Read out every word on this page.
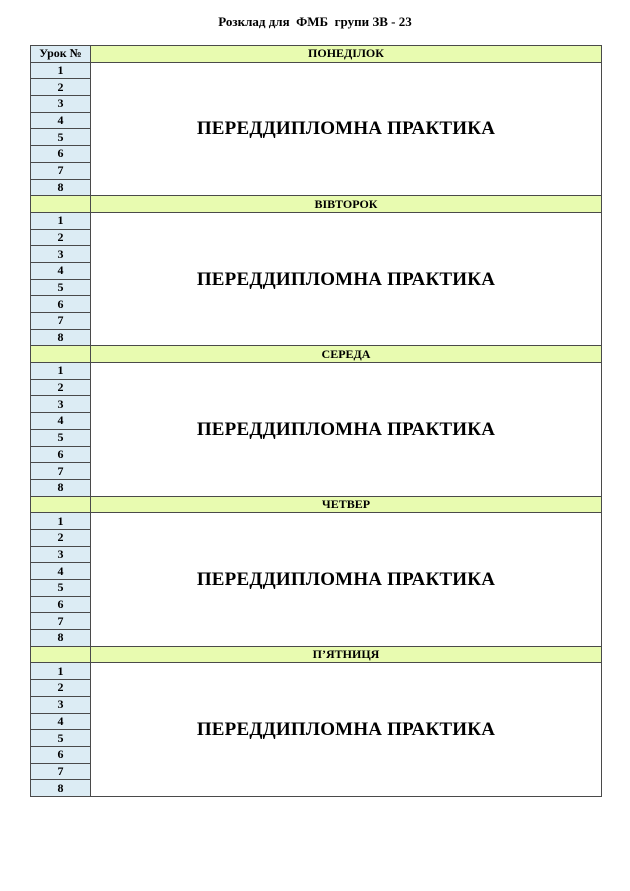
Розклад для  ФМБ  групи ЗВ - 23
Урок №	ПОНЕДІЛОК
1	ПЕРЕДДИПЛОМНА ПРАКТИКА
2	
3	
4	
5	
6	
7	
8	
	ВІВТОРОК
1	ПЕРЕДДИПЛОМНА ПРАКТИКА
2	
3	
4	
5	
6	
7	
8	
	СЕРЕДА
1	ПЕРЕДДИПЛОМНА ПРАКТИКА
2	
3	
4	
5	
6	
7	
8	
	ЧЕТВЕР
1	ПЕРЕДДИПЛОМНА ПРАКТИКА
2	
3	
4	
5	
6	
7	
8	
	П’ЯТНИЦЯ
1	ПЕРЕДДИПЛОМНА ПРАКТИКА
2	
3	
4	
5	
6	
7	
8	
